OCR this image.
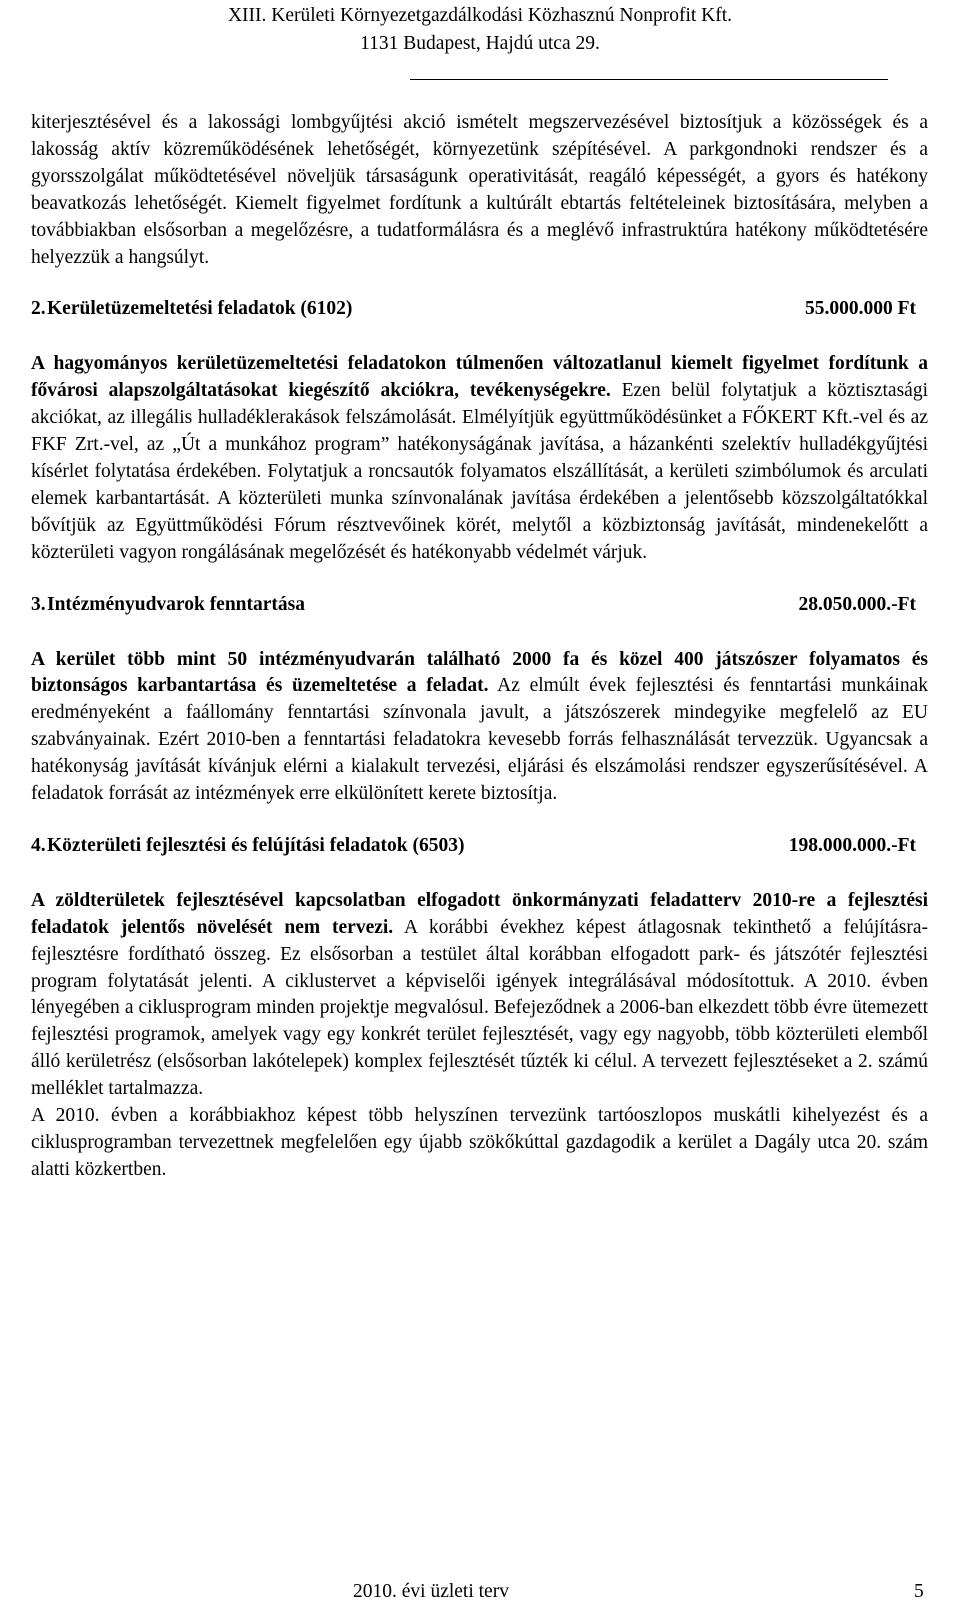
XIII. Kerületi Környezetgazdálkodási Közhasznú Nonprofit Kft.
1131 Budapest, Hajdú utca 29.

kiterjesztésével és a lakossági lombgyűjtési akció ismételt megszervezésével biztosítjuk a közösségek és a lakosság aktív közreműködésének lehetőségét, környezetünk szépítésével. A parkgondnoki rendszer és a gyorsszolgálat működtetésével növeljük társaságunk operativitását, reagáló képességét, a gyors és hatékony beavatkozás lehetőségét. Kiemelt figyelmet fordítunk a kultúrált ebtartás feltételeinek biztosítására, melyben a továbbiakban elsősorban a megelőzésre, a tudatformálásra és a meglévő infrastruktúra hatékony működtetésére helyezzük a hangsúlyt.

2.Kerületüzemeltetési feladatok (6102)	55.000.000 Ft

A hagyományos kerületüzemeltetési feladatokon túlmenően változatlanul kiemelt figyelmet fordítunk a fővárosi alapszolgáltatásokat kiegészítő akciókra, tevékenységekre. Ezen belül folytatjuk a köztisztasági akciókat, az illegális hulladéklerakások felszámolását. Elmélyítjük együttműködésünket a FŐKERT Kft.-vel és az FKF Zrt.-vel, az „Út a munkához program” hatékonyságának javítása, a házankénti szelektív hulladékgyűjtési kísérlet folytatása érdekében. Folytatjuk a roncsautók folyamatos elszállítását, a kerületi szimbólumok és arculati elemek karbantartását. A közterületi munka színvonalának javítása érdekében a jelentősebb közszolgáltatókkal bővítjük az Együttműködési Fórum résztvevőinek körét, melytől a közbiztonság javítását, mindenekelőtt a közterületi vagyon rongálásának megelőzését és hatékonyabb védelmét várjuk.

3.Intézményudvarok fenntartása	28.050.000.-Ft

A kerület több mint 50 intézményudvarán található 2000 fa és közel 400 játszószer folyamatos és biztonságos karbantartása és üzemeltetése a feladat. Az elmúlt évek fejlesztési és fenntartási munkáinak eredményeként a faállomány fenntartási színvonala javult, a játszószerek mindegyike megfelelő az EU szabványainak. Ezért 2010-ben a fenntartási feladatokra kevesebb forrás felhasználását tervezzük. Ugyancsak a hatékonyság javítását kívánjuk elérni a kialakult tervezési, eljárási és elszámolási rendszer egyszerűsítésével. A feladatok forrását az intézmények erre elkülönített kerete biztosítja.

4.Közterületi fejlesztési és felújítási feladatok (6503)	198.000.000.-Ft

A zöldterületek fejlesztésével kapcsolatban elfogadott önkormányzati feladatterv 2010-re a fejlesztési feladatok jelentős növelését nem tervezi. A korábbi évekhez képest átlagosnak tekinthető a felújításra-fejlesztésre fordítható összeg. Ez elsősorban a testület által korábban elfogadott park- és játszótér fejlesztési program folytatását jelenti. A ciklustervet a képviselői igények integrálásával módosítottuk. A 2010. évben lényegében a ciklusprogram minden projektje megvalósul. Befejeződnek a 2006-ban elkezdett több évre ütemezett fejlesztési programok, amelyek vagy egy konkrét terület fejlesztését, vagy egy nagyobb, több közterületi elemből álló kerületrész (elsősorban lakótelepek) komplex fejlesztését tűzték ki célul. A tervezett fejlesztéseket a 2. számú melléklet tartalmazza.

A 2010. évben a korábbiakhoz képest több helyszínen tervezünk tartóoszlopos muskátli kihelyezést és a ciklusprogramban tervezettnek megfelelően egy újabb szökőkúttal gazdagodik a kerület a Dagály utca 20. szám alatti közkertben.

2010. évi üzleti terv	5
